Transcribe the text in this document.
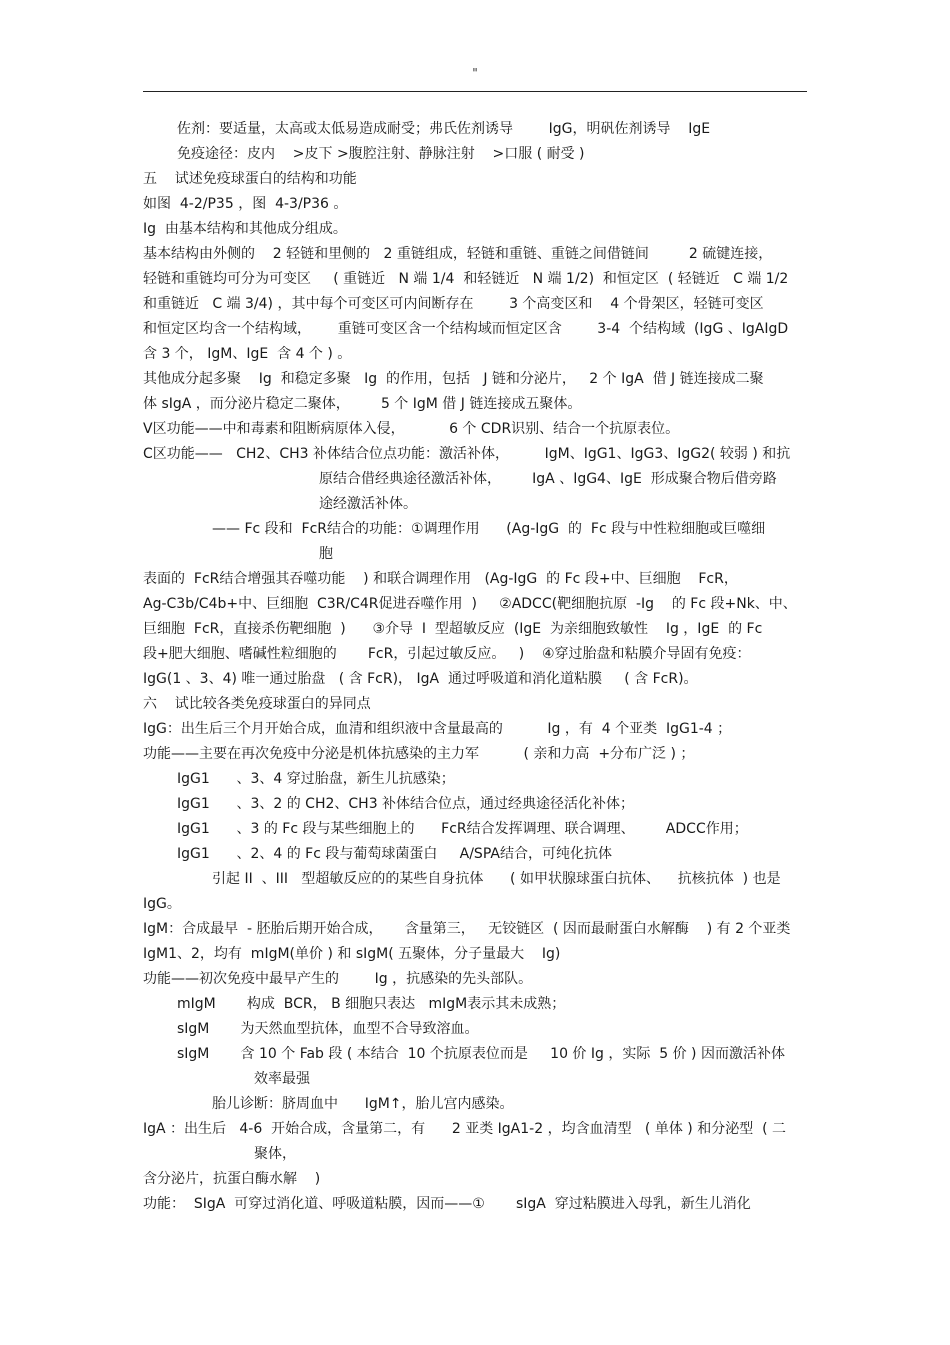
"
佐剂：要适量，太高或太低易造成耐受；弗氏佐剂诱导        IgG，明矾佐剂诱导    IgE
免疫途径：皮内    >皮下 >腹腔注射、静脉注射    >口服 ( 耐受 )
五    试述免疫球蛋白的结构和功能
如图  4-2/P35 ，图  4-3/P36 。
Ig  由基本结构和其他成分组成。
基本结构由外侧的    2 轻链和里侧的   2 重链组成，轻链和重链、重链之间借链间         2 硫键连接，
轻链和重链均可分为可变区     ( 重链近   N 端 1/4  和轻链近   N 端 1/2)  和恒定区  ( 轻链近   C 端 1/2
和重链近   C 端 3/4) ，其中每个可变区可内间断存在        3 个高变区和    4 个骨架区，轻链可变区
和恒定区均含一个结构域，      重链可变区含一个结构域而恒定区含        3-4  个结构域  (IgG 、IgAIgD
含 3 个， IgM、IgE  含 4 个 ) 。
其他成分起多聚    Ig  和稳定多聚   Ig  的作用，包括   J 链和分泌片，   2 个 IgA  借 J 链连接成二聚
体 sIgA ，而分泌片稳定二聚体，       5 个 IgM 借 J 链连接成五聚体。
V区功能——中和毒素和阻断病原体入侵，          6 个 CDR识别、结合一个抗原表位。
C区功能——   CH2、CH3 补体结合位点功能：激活补体，        IgM、IgG1、IgG3、IgG2( 较弱 ) 和抗
原结合借经典途径激活补体，       IgA 、IgG4、IgE  形成聚合物后借旁路
途经激活补体。
—— Fc 段和  FcR结合的功能：①调理作用      (Ag-IgG  的  Fc 段与中性粒细胞或巨噬细
胞
表面的  FcR结合增强其吞噬功能    ) 和联合调理作用   (Ag-IgG  的 Fc 段+中、巨细胞    FcR，
Ag-C3b/C4b+中、巨细胞  C3R/C4R促进吞噬作用  )     ②ADCC(靶细胞抗原  -Ig    的 Fc 段+Nk、中、
巨细胞  FcR，直接杀伤靶细胞  )      ③介导  I  型超敏反应  (IgE  为亲细胞致敏性    Ig ，IgE  的 Fc
段+肥大细胞、嗜碱性粒细胞的       FcR，引起过敏反应。   )    ④穿过胎盘和粘膜介导固有免疫：
IgG(1 、3、4) 唯一通过胎盘   ( 含 FcR)， IgA  通过呼吸道和消化道粘膜     ( 含 FcR)。
六    试比较各类免疫球蛋白的异同点
IgG：出生后三个月开始合成，血清和组织液中含量最高的          Ig ，有  4 个亚类  IgG1-4 ；
功能——主要在再次免疫中分泌是机体抗感染的主力军          ( 亲和力高  +分布广泛 ) ；
IgG1      、3、4 穿过胎盘，新生儿抗感染；
IgG1      、3、2 的 CH2、CH3 补体结合位点，通过经典途径活化补体；
IgG1      、3 的 Fc 段与某些细胞上的      FcR结合发挥调理、联合调理、       ADCC作用；
IgG1      、2、4 的 Fc 段与葡萄球菌蛋白     A/SPA结合，可纯化抗体
引起 II  、III   型超敏反应的的某些自身抗体      ( 如甲状腺球蛋白抗体、    抗核抗体  ) 也是
IgG。
IgM：合成最早  - 胚胎后期开始合成，     含量第三，   无铰链区  ( 因而最耐蛋白水解酶    ) 有 2 个亚类
IgM1、2，均有  mIgM(单价 ) 和 sIgM( 五聚体，分子量最大    Ig)
功能——初次免疫中最早产生的        Ig ，抗感染的先头部队。
mIgM       构成  BCR， B 细胞只表达   mIgM表示其未成熟；
sIgM       为天然血型抗体，血型不合导致溶血。
sIgM       含 10 个 Fab 段 ( 本结合  10 个抗原表位而是     10 价 Ig ，实际  5 价 ) 因而激活补体
效率最强
胎儿诊断：脐周血中      IgM↑，胎儿宫内感染。
IgA ：出生后   4-6  开始合成，含量第二，有      2 亚类 IgA1-2 ，均含血清型   ( 单体 ) 和分泌型  ( 二
聚体，
含分泌片，抗蛋白酶水解    )
功能：  SIgA  可穿过消化道、呼吸道粘膜，因而——①       sIgA  穿过粘膜进入母乳，新生儿消化
